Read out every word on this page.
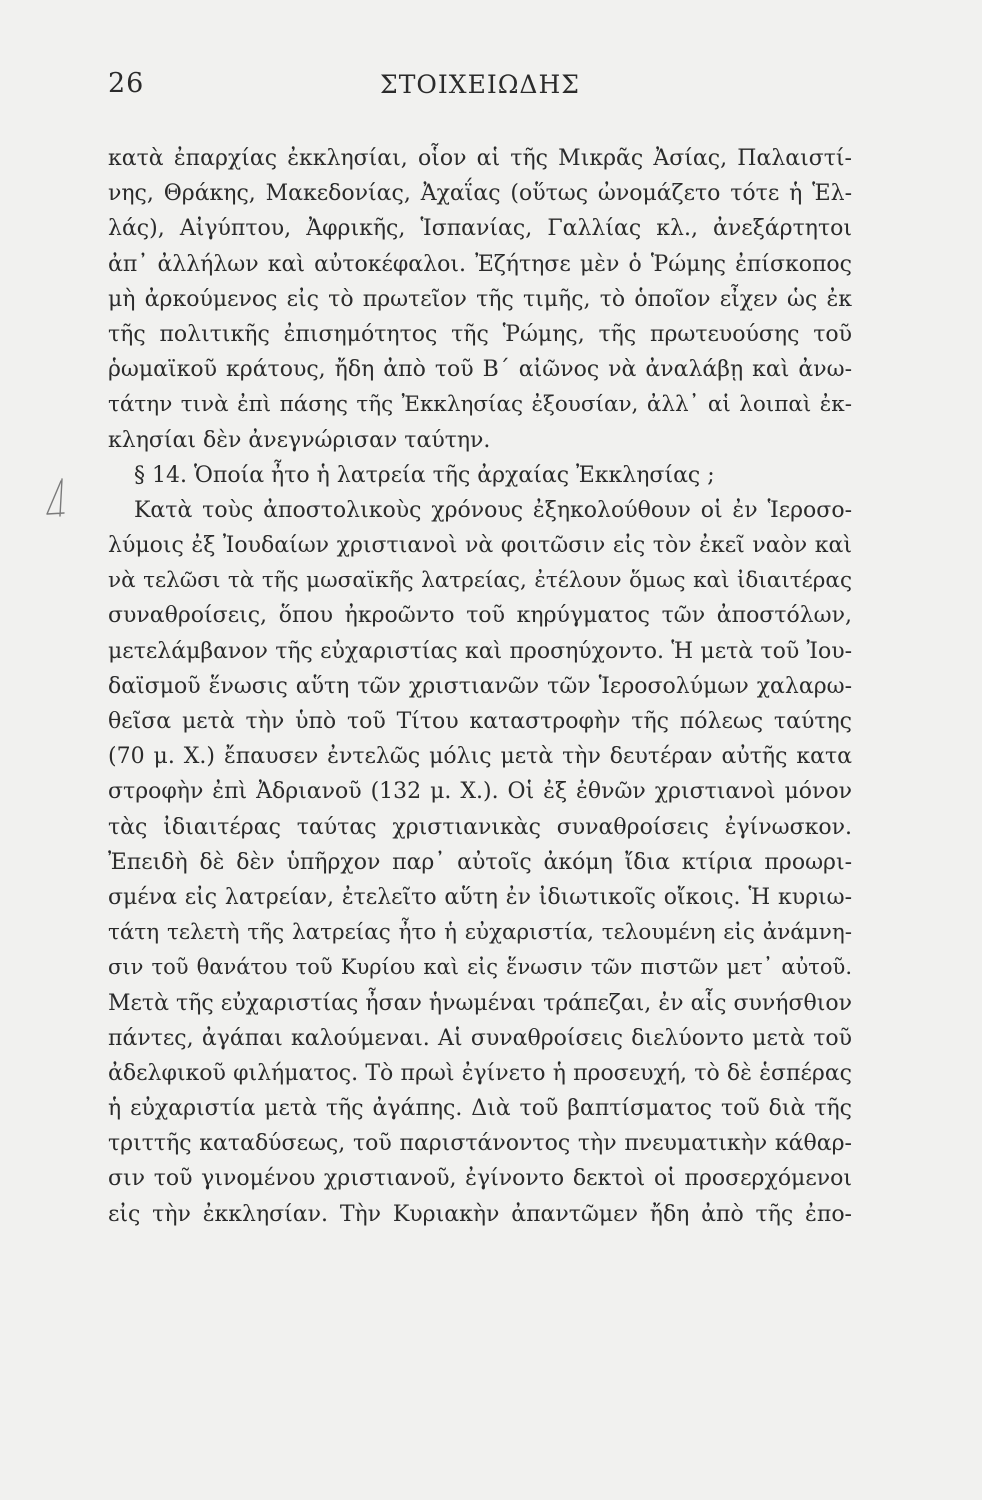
26	ΣΤΟΙΧΕΙΩΔΗΣ
κατὰ ἐπαρχίας ἐκκλησίαι, οἷον αἱ τῆς Μικρᾶς Ἀσίας, Παλαιστί-
νης, Θράκης, Μακεδονίας, Ἀχαΐας (οὕτως ὠνομάζετο τότε ἡ Ἑλ-
λάς), Αἰγύπτου, Ἀφρικῆς, Ἱσπανίας, Γαλλίας κλ., ἀνεξάρτητοι
ἀπ᾽ ἀλλήλων καὶ αὐτοκέφαλοι. Ἐζήτησε μὲν ὁ Ῥώμης ἐπίσκοπος
μὴ ἀρκούμενος εἰς τὸ πρωτεῖον τῆς τιμῆς, τὸ ὁποῖον εἶχεν ὡς ἐκ
τῆς πολιτικῆς ἐπισημότητος τῆς Ῥώμης, τῆς πρωτευούσης τοῦ
ῥωμαϊκοῦ κράτους, ἤδη ἀπὸ τοῦ Β΄ αἰῶνος νὰ ἀναλάβῃ καὶ ἀνω-
τάτην τινὰ ἐπὶ πάσης τῆς Ἐκκλησίας ἐξουσίαν, ἀλλ᾽ αἱ λοιπαὶ ἐκ-
κλησίαι δὲν ἀνεγνώρισαν ταύτην.
§ 14. Ὁποία ἦτο ἡ λατρεία τῆς ἀρχαίας Ἐκκλησίας ;
Κατὰ τοὺς ἀποστολικοὺς χρόνους ἐξηκολούθουν οἱ ἐν Ἱεροσο-
λύμοις ἐξ Ἰουδαίων χριστιανοὶ νὰ φοιτῶσιν εἰς τὸν ἐκεῖ ναὸν καὶ
νὰ τελῶσι τὰ τῆς μωσαϊκῆς λατρείας, ἐτέλουν ὅμως καὶ ἰδιαιτέρας
συναθροίσεις, ὅπου ἠκροῶντο τοῦ κηρύγματος τῶν ἀποστόλων,
μετελάμβανον τῆς εὐχαριστίας καὶ προσηύχοντο. Ἡ μετὰ τοῦ Ἰου-
δαϊσμοῦ ἕνωσις αὕτη τῶν χριστιανῶν τῶν Ἱεροσολύμων χαλαρω-
θεῖσα μετὰ τὴν ὑπὸ τοῦ Τίτου καταστροφὴν τῆς πόλεως ταύτης
(70 μ. Χ.) ἔπαυσεν ἐντελῶς μόλις μετὰ τὴν δευτέραν αὐτῆς κατα
στροφὴν ἐπὶ Ἀδριανοῦ (132 μ. Χ.). Οἱ ἐξ ἐθνῶν χριστιανοὶ μόνον
τὰς ἰδιαιτέρας ταύτας χριστιανικὰς συναθροίσεις ἐγίνωσκον.
Ἐπειδὴ δὲ δὲν ὑπῆρχον παρ᾽ αὐτοῖς ἀκόμη ἴδια κτίρια προωρι-
σμένα εἰς λατρείαν, ἐτελεῖτο αὕτη ἐν ἰδιωτικοῖς οἴκοις. Ἡ κυριω-
τάτη τελετὴ τῆς λατρείας ἦτο ἡ εὐχαριστία, τελουμένη εἰς ἀνάμνη-
σιν τοῦ θανάτου τοῦ Κυρίου καὶ εἰς ἕνωσιν τῶν πιστῶν μετ᾽ αὐτοῦ.
Μετὰ τῆς εὐχαριστίας ἦσαν ἡνωμέναι τράπεζαι, ἐν αἷς συνήσθιον
πάντες, ἀγάπαι καλούμεναι. Αἱ συναθροίσεις διελύοντο μετὰ τοῦ
ἀδελφικοῦ φιλήματος. Τὸ πρωὶ ἐγίνετο ἡ προσευχή, τὸ δὲ ἑσπέρας
ἡ εὐχαριστία μετὰ τῆς ἀγάπης. Διὰ τοῦ βαπτίσματος τοῦ διὰ τῆς
τριττῆς καταδύσεως, τοῦ παριστάνοντος τὴν πνευματικὴν κάθαρ-
σιν τοῦ γινομένου χριστιανοῦ, ἐγίνοντο δεκτοὶ οἱ προσερχόμενοι
εἰς τὴν ἐκκλησίαν. Τὴν Κυριακὴν ἀπαντῶμεν ἤδη ἀπὸ τῆς ἐπο-
